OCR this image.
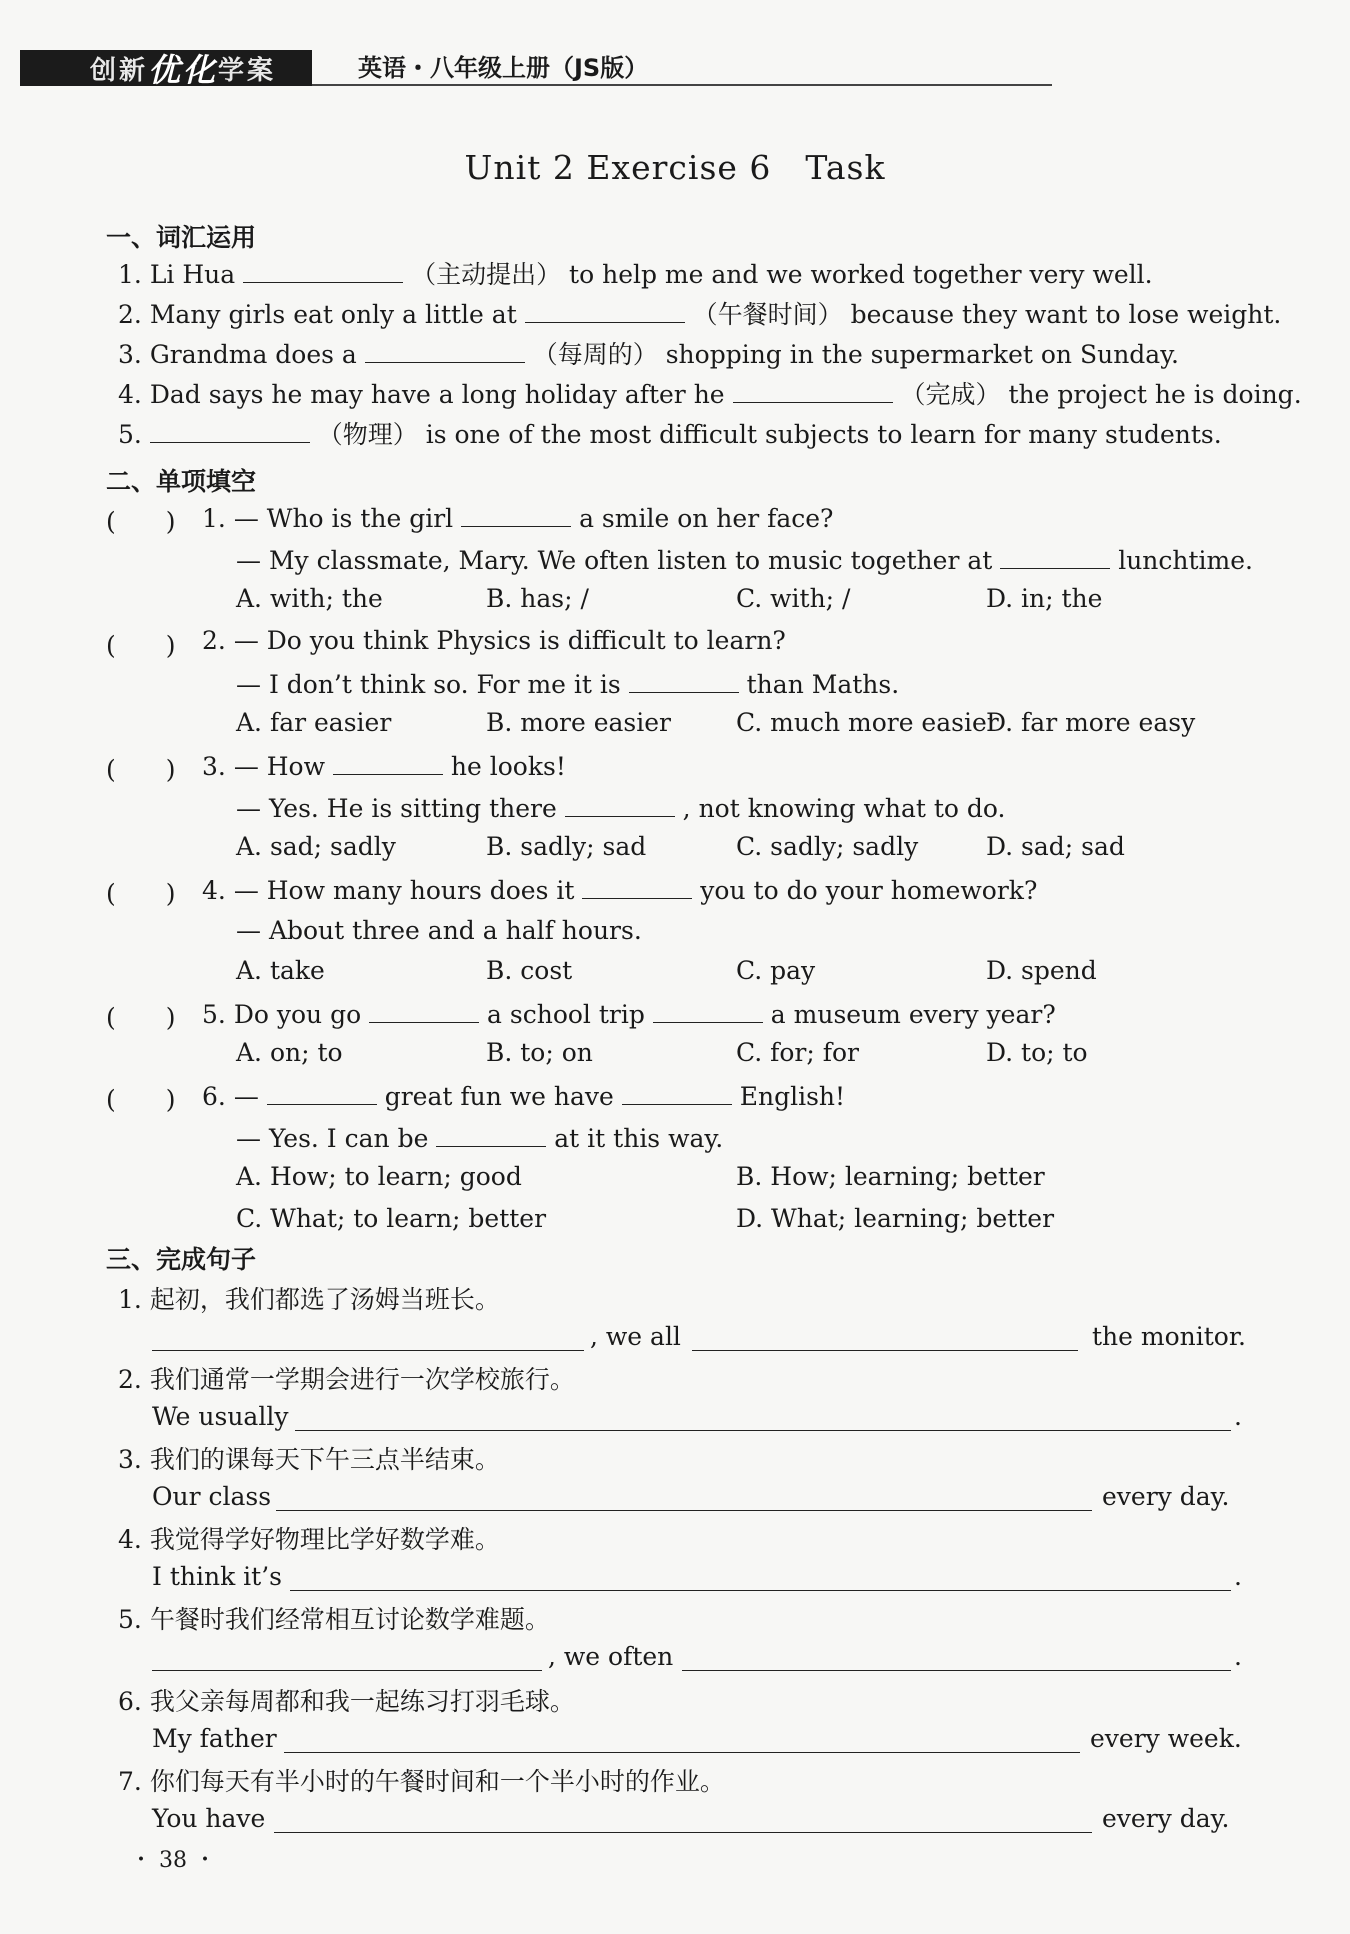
创新 优化 学案	英语・八年级上册（JS版）
Unit 2 Exercise 6　Task
一、词汇运用
1. Li Hua	（主动提出） to help me and we worked together very well.
2. Many girls eat only a little at	（午餐时间） because they want to lose weight.
3. Grandma does a	（每周的） shopping in the supermarket on Sunday.
4. Dad says he may have a long holiday after he	（完成） the project he is doing.
5.	（物理） is one of the most difficult subjects to learn for many students.
二、单项填空
(　　) 1. — Who is the girl	a smile on her face?
— My classmate, Mary. We often listen to music together at	lunchtime.
A. with; the	B. has; /	C. with; /	D. in; the
(　　) 2. — Do you think Physics is difficult to learn?
— I don’t think so. For me it is	than Maths.
A. far easier	B. more easier	C. much more easier
D. far more easy
(　　) 3. — How	he looks!
— Yes. He is sitting there	, not knowing what to do.
A. sad; sadly	B. sadly; sad	C. sadly; sadly	D. sad; sad
(　　) 4. — How many hours does it	you to do your homework?
— About three and a half hours.
A. take	B. cost	C. pay	D. spend
(　　) 5. Do you go	a school trip	a museum every year?
A. on; to	B. to; on	C. for; for	D. to; to
(　　) 6. —	great fun we have	English!
— Yes. I can be	at it this way.
A. How; to learn; good	B. How; learning; better
C. What; to learn; better	D. What; learning; better
三、完成句子
1. 起初，我们都选了汤姆当班长。
, we all	the monitor.
2. 我们通常一学期会进行一次学校旅行。
We usually	.
3. 我们的课每天下午三点半结束。
Our class	every day.
4. 我觉得学好物理比学好数学难。
I think it’s	.
5. 午餐时我们经常相互讨论数学难题。
, we often	.
6. 我父亲每周都和我一起练习打羽毛球。
My father	every week.
7. 你们每天有半小时的午餐时间和一个半小时的作业。
You have	every day.
・ 38 ・
